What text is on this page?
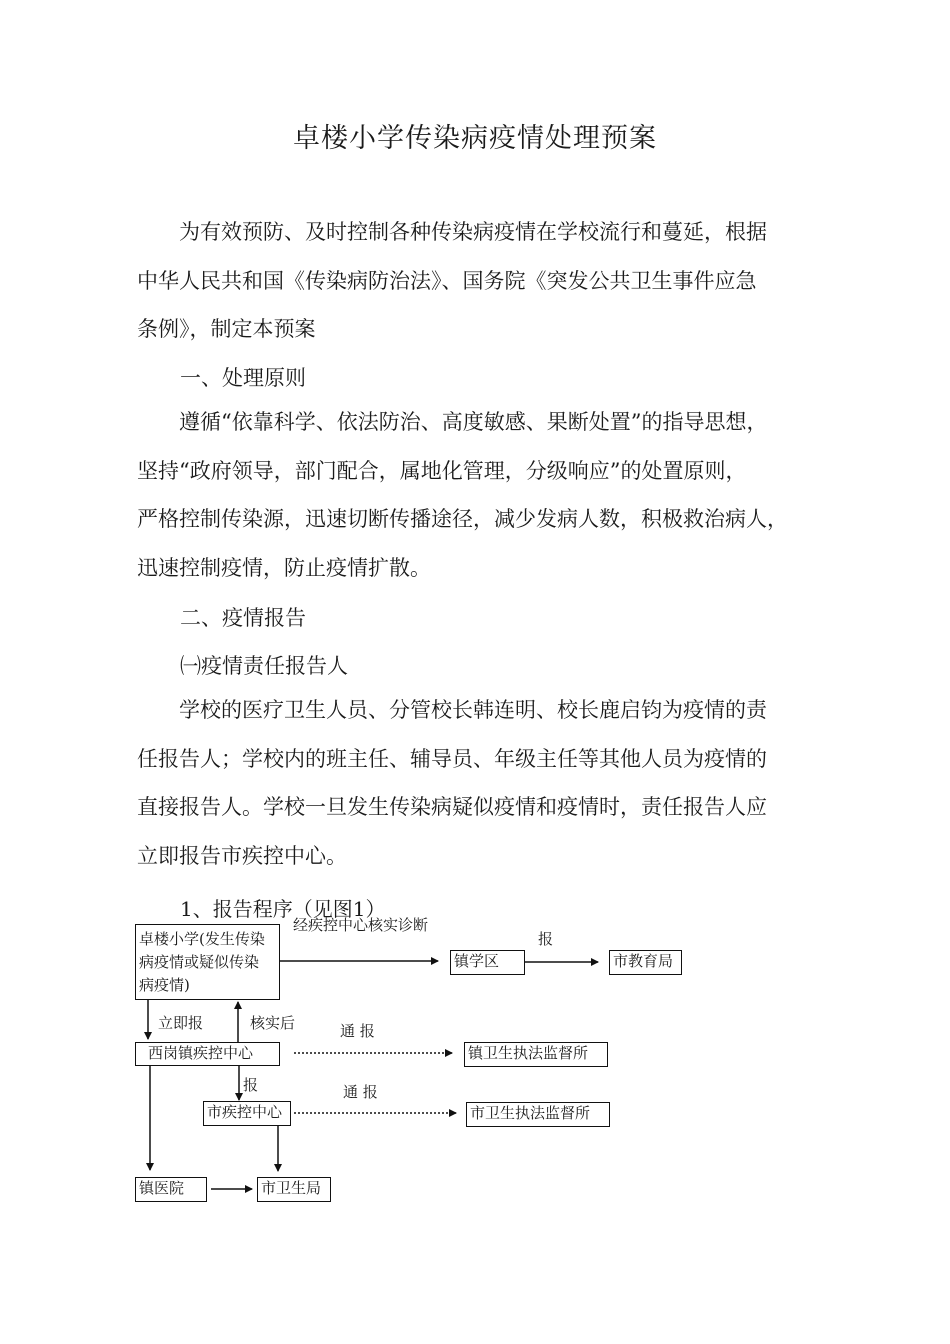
卓楼小学传染病疫情处理预案

为有效预防、及时控制各种传染病疫情在学校流行和蔓延，根据
中华人民共和国《传染病防治法》、国务院《突发公共卫生事件应急
条例》，制定本预案

一、处理原则

遵循“依靠科学、依法防治、高度敏感、果断处置”的指导思想，
坚持“政府领导，部门配合，属地化管理，分级响应”的处置原则，
严格控制传染源，迅速切断传播途径，减少发病人数，积极救治病人，
迅速控制疫情，防止疫情扩散。

二、疫情报告

㈠疫情责任报告人

学校的医疗卫生人员、分管校长韩连明、校长鹿启钧为疫情的责
任报告人；学校内的班主任、辅导员、年级主任等其他人员为疫情的
直接报告人。学校一旦发生传染病疑似疫情和疫情时，责任报告人应
立即报告市疾控中心。

1、报告程序（见图1）

卓楼小学(发生传染
病疫情或疑似传染
病疫情)
镇学区	市教育局
西岗镇疾控中心	镇卫生执法监督所
市疾控中心	市卫生执法监督所
镇医院	市卫生局
经疾控中心核实诊断
报
立即报	核实后	通 报
报	通 报
